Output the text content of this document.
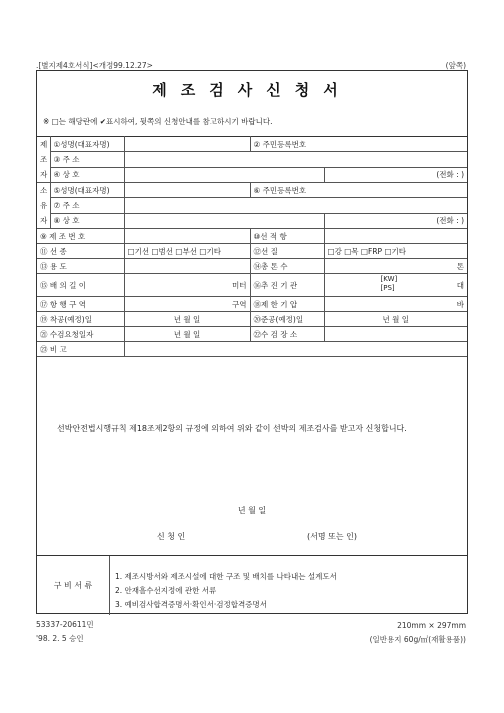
.[별지제4호서식]<개정99.12.27>	(앞쪽)
제조검사신청서
※ □는 해당란에 ✔표시하여, 뒷쪽의 신청안내를 참고하시기 바랍니다.
제
조
자	①성명(대표자명)		② 주민등록번호	
	③ 주 소			
	④ 상 호			(전화 : )

소
유
자	⑤성명(대표자명)		⑥ 주민등록번호	
	⑦ 주 소			
	⑧ 상 호			(전화 : )
⑨ 제 조 번 호			⑩선 적 항	
⑪ 선 종		□기선 □범선 □부선 □기타	⑫선 질	□강 □목 □FRP □기타
⑬ 용 도			⑭총 톤 수	톤
⑮ 배 의 길 이		미터	⑯추 진 기 관	[KW]
[PS] 대

⑰ 항 행 구 역		구역	⑱제 한 기 압	바
⑲ 착공(예정)일		년 월 일	⑳준공(예정)일	년 월 일
㉑ 수검요청일자		년 월 일	㉒수 검 장 소	
㉓ 비 고				
선박안전법시행규칙 제18조제2항의 규정에 의하여 위와 같이 선박의 제조검사를 받고자 신청합니다.
년 월 일
신 청 인	(서명 또는 인)
구 비 서 류
1. 제조시방서와 제조시설에 대한 구조 및 배치를 나타내는 설계도서
2. 안재흘수선지정에 관한 서류
3. 예비검사합격증명서·확인서·검정합격증명서
53337-20611민
'98. 2. 5 승인
210mm × 297mm
(일반용지 60g/㎡(재활용품))
